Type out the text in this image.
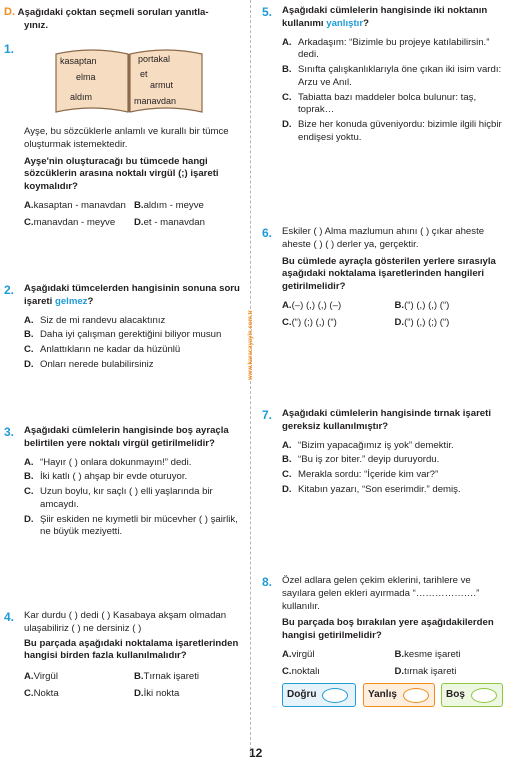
D. Aşağıdaki çoktan seçmeli soruları yanıtla-
yınız.
1.
kasaptan	portakal
elma	et
armut
aldım	manavdan
Ayşe, bu sözcüklerle anlamlı ve kurallı bir tümce oluşturmak istemektedir.
Ayşe'nin oluşturacağı bu tümcede hangi sözcüklerin arasına noktalı virgül (;) işareti koymalıdır?
A.kasaptan - manavdan B.aldım - meyve
C.manavdan - meyve	D.et - manavdan
2. Aşağıdaki tümcelerden hangisinin sonuna soru işareti gelmez?
A. Siz de mi randevu alacaktınız
B. Daha iyi çalışman gerektiğini biliyor musun
C. Anlattıkların ne kadar da hüzünlü
D. Onları nerede bulabilirsiniz
3. Aşağıdaki cümlelerin hangisinde boş ayraçla belirtilen yere noktalı virgül getirilmelidir?
A. “Hayır ( ) onlara dokunmayın!” dedi.
B. İki katlı ( ) ahşap bir evde oturuyor.
C. Uzun boylu, kır saçlı ( ) elli yaşlarında bir amcaydı.
D. Şiir eskiden ne kıymetli bir mücevher ( ) şairlik, ne büyük meziyetti.
4. Kar durdu ( ) dedi ( ) Kasabaya akşam olmadan ulaşabiliriz ( ) ne dersiniz ( )
Bu parçada aşağıdaki noktalama işaretlerinden hangisi birden fazla kullanılmalıdır?
A.Virgül	B.Tırnak işareti
C.Nokta	D.İki nokta
www.karacayayin.com.tr
5. Aşağıdaki cümlelerin hangisinde iki noktanın kullanımı yanlıştır?
A. Arkadaşım: “Bizimle bu projeye katılabilirsin.” dedi.
B. Sınıfta çalışkanlıklarıyla öne çıkan iki isim vardı: Arzu ve Anıl.
C. Tabiatta bazı maddeler bolca bulunur: taş, toprak…
D. Bize her konuda güveniyordu: bizimle ilgili hiçbir endişesi yoktu.
6. Eskiler ( ) Alma mazlumun ahını ( ) çıkar aheste aheste ( ) ( ) derler ya, gerçektir.
Bu cümlede ayraçla gösterilen yerlere sırasıyla aşağıdaki noktalama işaretlerinden hangileri getirilmelidir?
A.(–) (,) (,) (–)	B.(“) (,) (,) (“)
C.(“) (;) (,) (“)	D.(“) (,) (;) (“)
7. Aşağıdaki cümlelerin hangisinde tırnak işareti gereksiz kullanılmıştır?
A. “Bizim yapacağımız iş yok” demektir.
B. “Bu iş zor biter.” deyip duruyordu.
C. Merakla sordu: “İçeride kim var?”
D. Kitabın yazarı, “Son eserimdir.” demiş.
8. Özel adlara gelen çekim eklerini, tarihlere ve sayılara gelen ekleri ayırmada “……………….” kullanılır.
Bu parçada boş bırakılan yere aşağıdakilerden hangisi getirilmelidir?
A.virgül	B.kesme işareti
C.noktalı	D.tırnak işareti
Doğru	Yanlış	Boş
12
